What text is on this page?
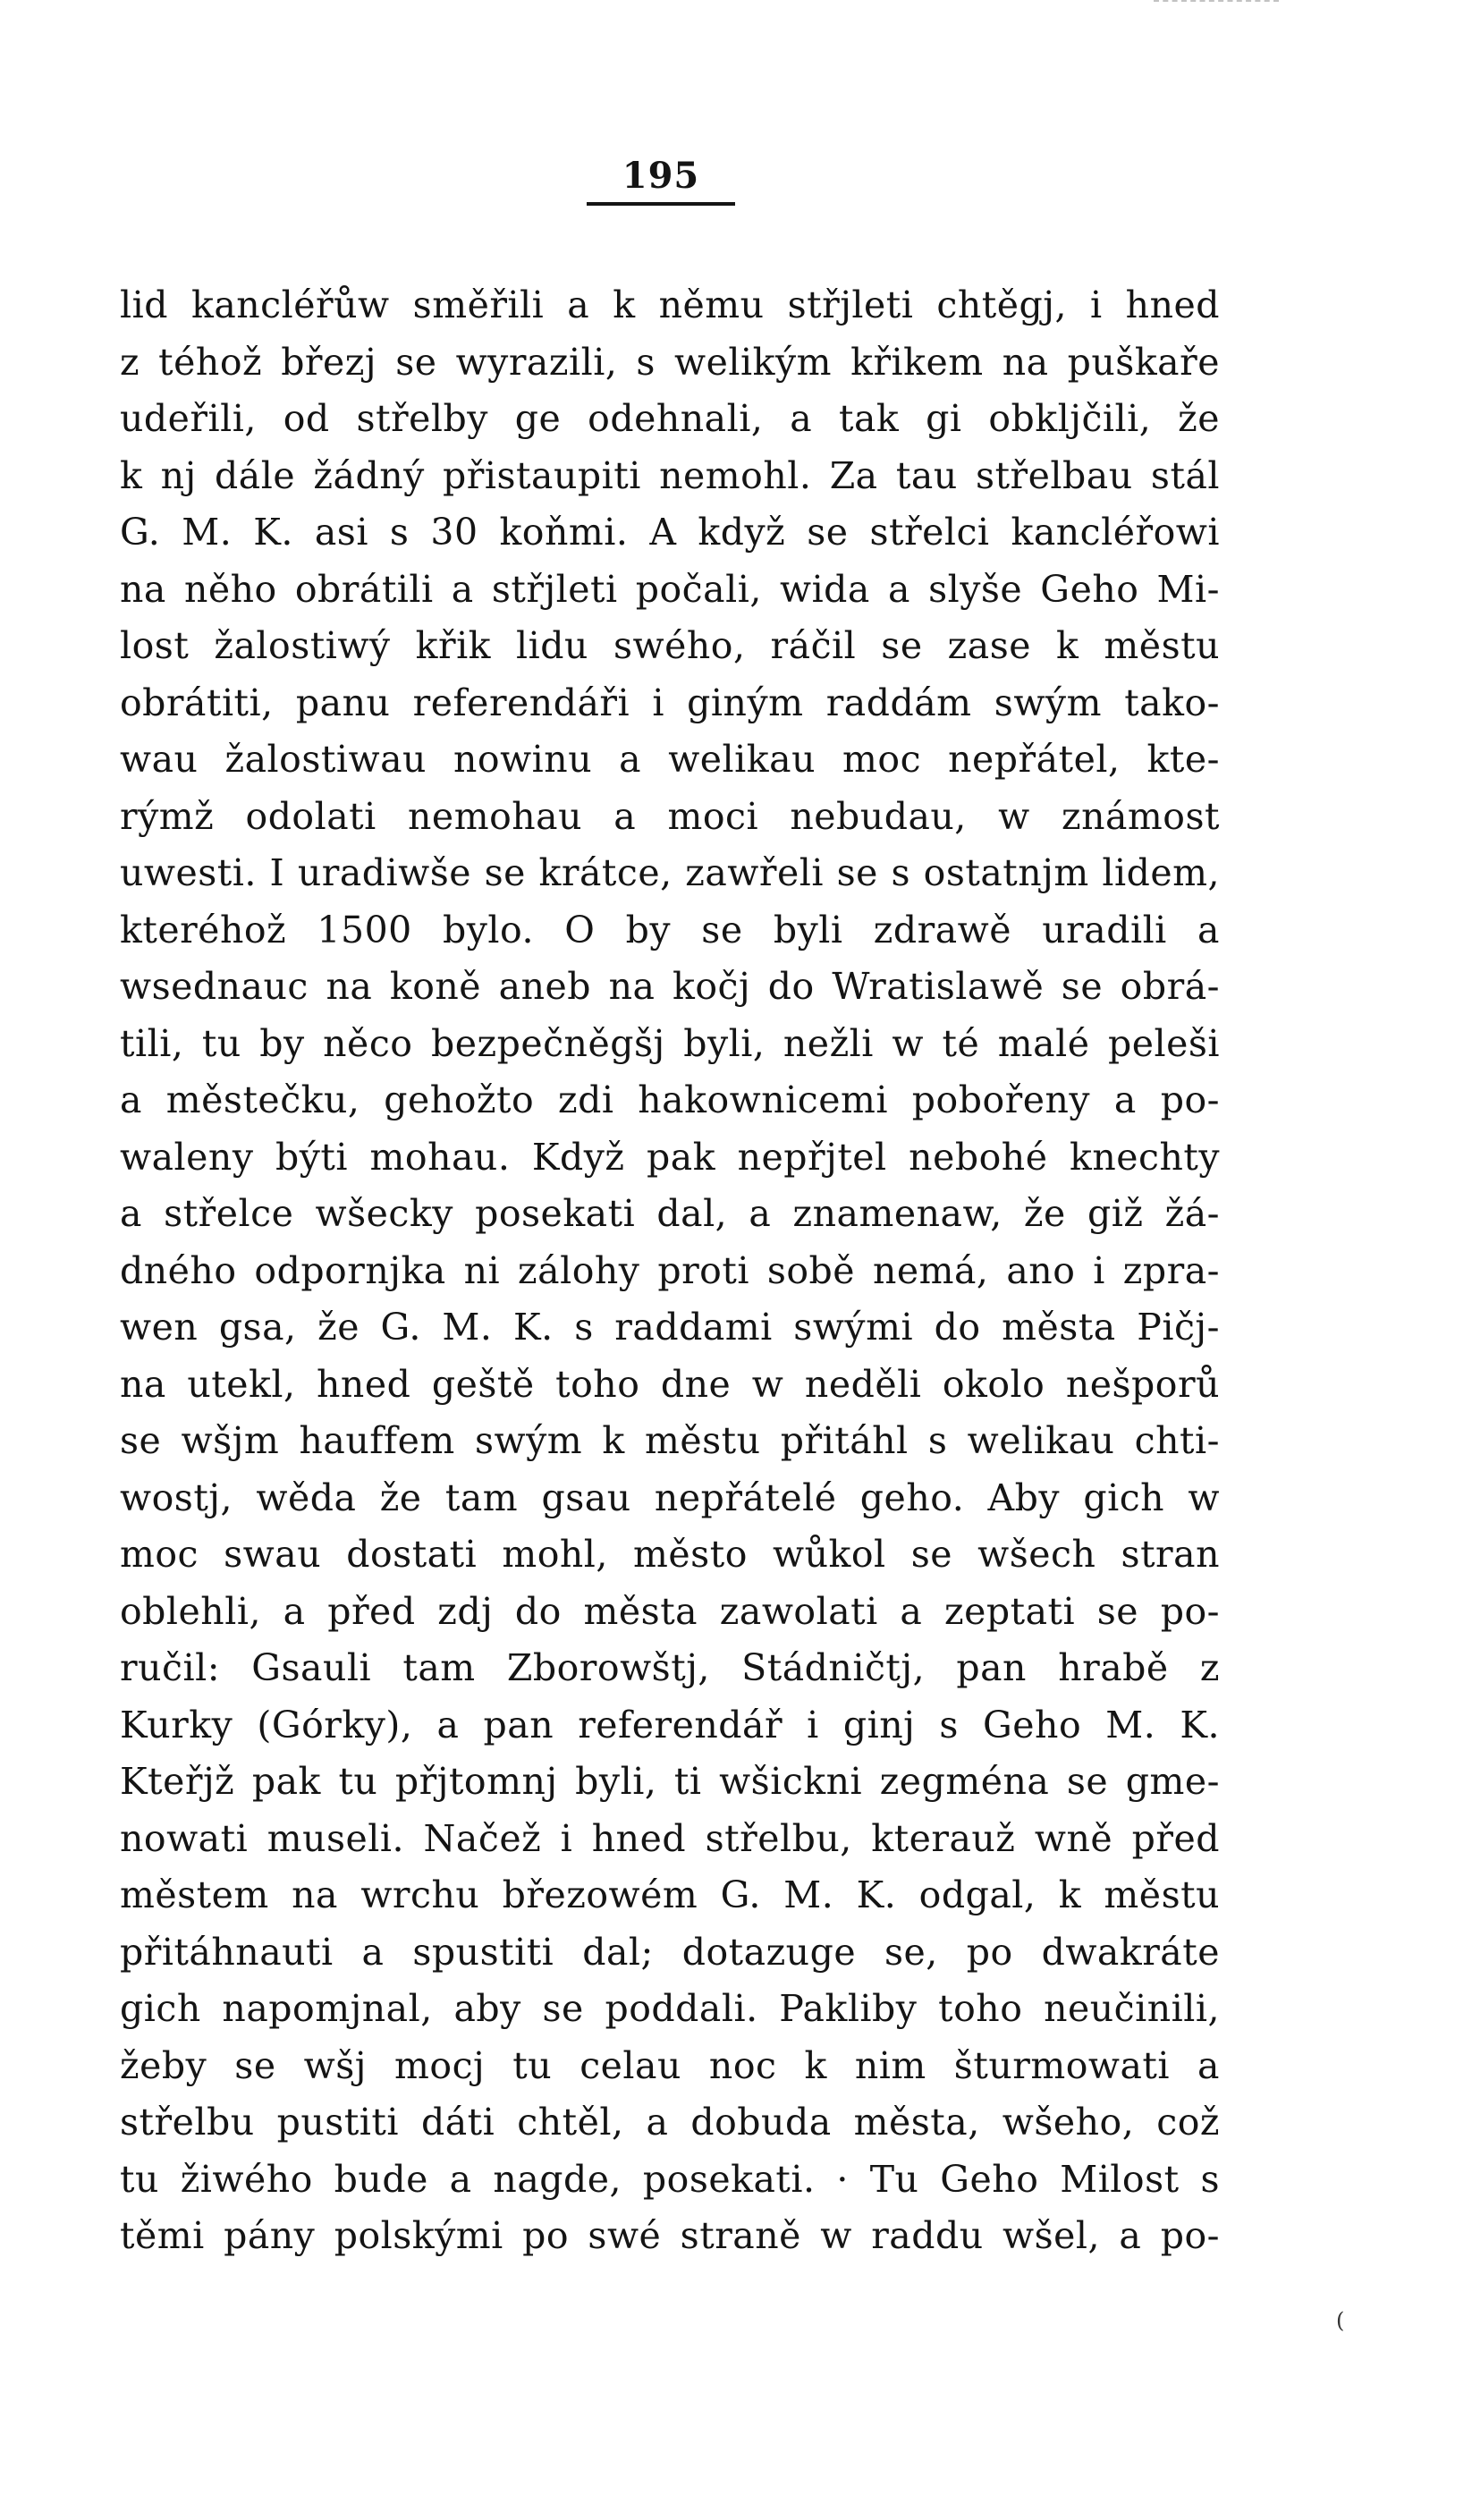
195
lid kancléřůw směřili a k němu střjleti chtěgj, i hned
z téhož březj se wyrazili, s welikým křikem na puškaře
udeřili, od střelby ge odehnali, a tak gi obkljčili, že
k nj dále žádný přistaupiti nemohl. Za tau střelbau stál
G. M. K. asi s 30 koňmi. A když se střelci kancléřowi
na něho obrátili a střjleti počali, wida a slyše Geho Mi-
lost žalostiwý křik lidu swého, ráčil se zase k městu
obrátiti, panu referendáři i giným raddám swým tako-
wau žalostiwau nowinu a welikau moc nepřátel, kte-
rýmž odolati nemohau a moci nebudau, w známost
uwesti. I uradiwše se krátce, zawřeli se s ostatnjm lidem,
kteréhož 1500 bylo. O by se byli zdrawě uradili a
wsednauc na koně aneb na kočj do Wratislawě se obrá-
tili, tu by něco bezpečněgšj byli, nežli w té malé peleši
a městečku, gehožto zdi hakownicemi pobořeny a po-
waleny býti mohau. Když pak nepřjtel nebohé knechty
a střelce wšecky posekati dal, a znamenaw, že giž žá-
dného odpornjka ni zálohy proti sobě nemá, ano i zpra-
wen gsa, že G. M. K. s raddami swými do města Pičj-
na utekl, hned geště toho dne w neděli okolo nešporů
se wšjm hauffem swým k městu přitáhl s welikau chti-
wostj, wěda že tam gsau nepřátelé geho. Aby gich w
moc swau dostati mohl, město wůkol se wšech stran
oblehli, a před zdj do města zawolati a zeptati se po-
ručil: Gsauli tam Zborowštj, Stádničtj, pan hrabě z
Kurky (Górky), a pan referendář i ginj s Geho M. K.
Kteřjž pak tu přjtomnj byli, ti wšickni zegména se gme-
nowati museli. Načež i hned střelbu, kterauž wně před
městem na wrchu březowém G. M. K. odgal, k městu
přitáhnauti a spustiti dal; dotazuge se, po dwakráte
gich napomjnal, aby se poddali. Pakliby toho neučinili,
žeby se wšj mocj tu celau noc k nim šturmowati a
střelbu pustiti dáti chtěl, a dobuda města, wšeho, což
tu žiwého bude a nagde, posekati. · Tu Geho Milost s
těmi pány polskými po swé straně w raddu wšel, a po-
(
